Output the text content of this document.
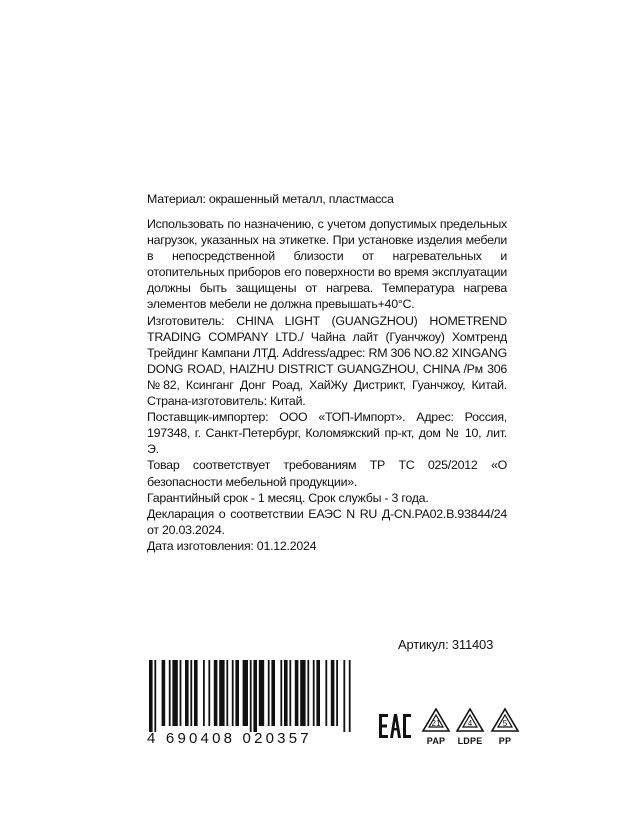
Материал: окрашенный металл, пластмасса

Использовать по назначению, с учетом допустимых предельных нагрузок, указанных на этикетке. При установке изделия мебели в непосредственной близости от нагревательных и отопительных приборов его поверхности во время эксплуатации должны быть защищены от нагрева. Температура нагрева элементов мебели не должна превышать+40°С.

Изготовитель: CHINA LIGHT (GUANGZHOU) HOMETREND TRADING COMPANY LTD./ Чайна лайт (Гуанчжоу) Хомтренд Трейдинг Кампани ЛТД. Address/адрес: RM 306 NO.82 XINGANG DONG ROAD, HAIZHU DISTRICT GUANGZHOU, CHINA /Рм 306 №82, Ксинганг Донг Роад, ХайЖу Дистрикт, Гуанчжоу, Китай. Страна-изготовитель: Китай.

Поставщик-импортер: ООО «ТОП-Импорт». Адрес: Россия, 197348, г. Санкт-Петербург, Коломяжский пр-кт, дом № 10, лит. Э.

Товар соответствует требованиям ТР ТС 025/2012 «О безопасности мебельной продукции».

Гарантийный срок - 1 месяц. Срок службы - 3 года.

Декларация о соответствии ЕАЭС N RU Д-CN.PA02.B.93844/24 от 20.03.2024.

Дата изготовления: 01.12.2024

Артикул: 311403
4 690408 020357
21
PAP
4
LDPE
5
PP
